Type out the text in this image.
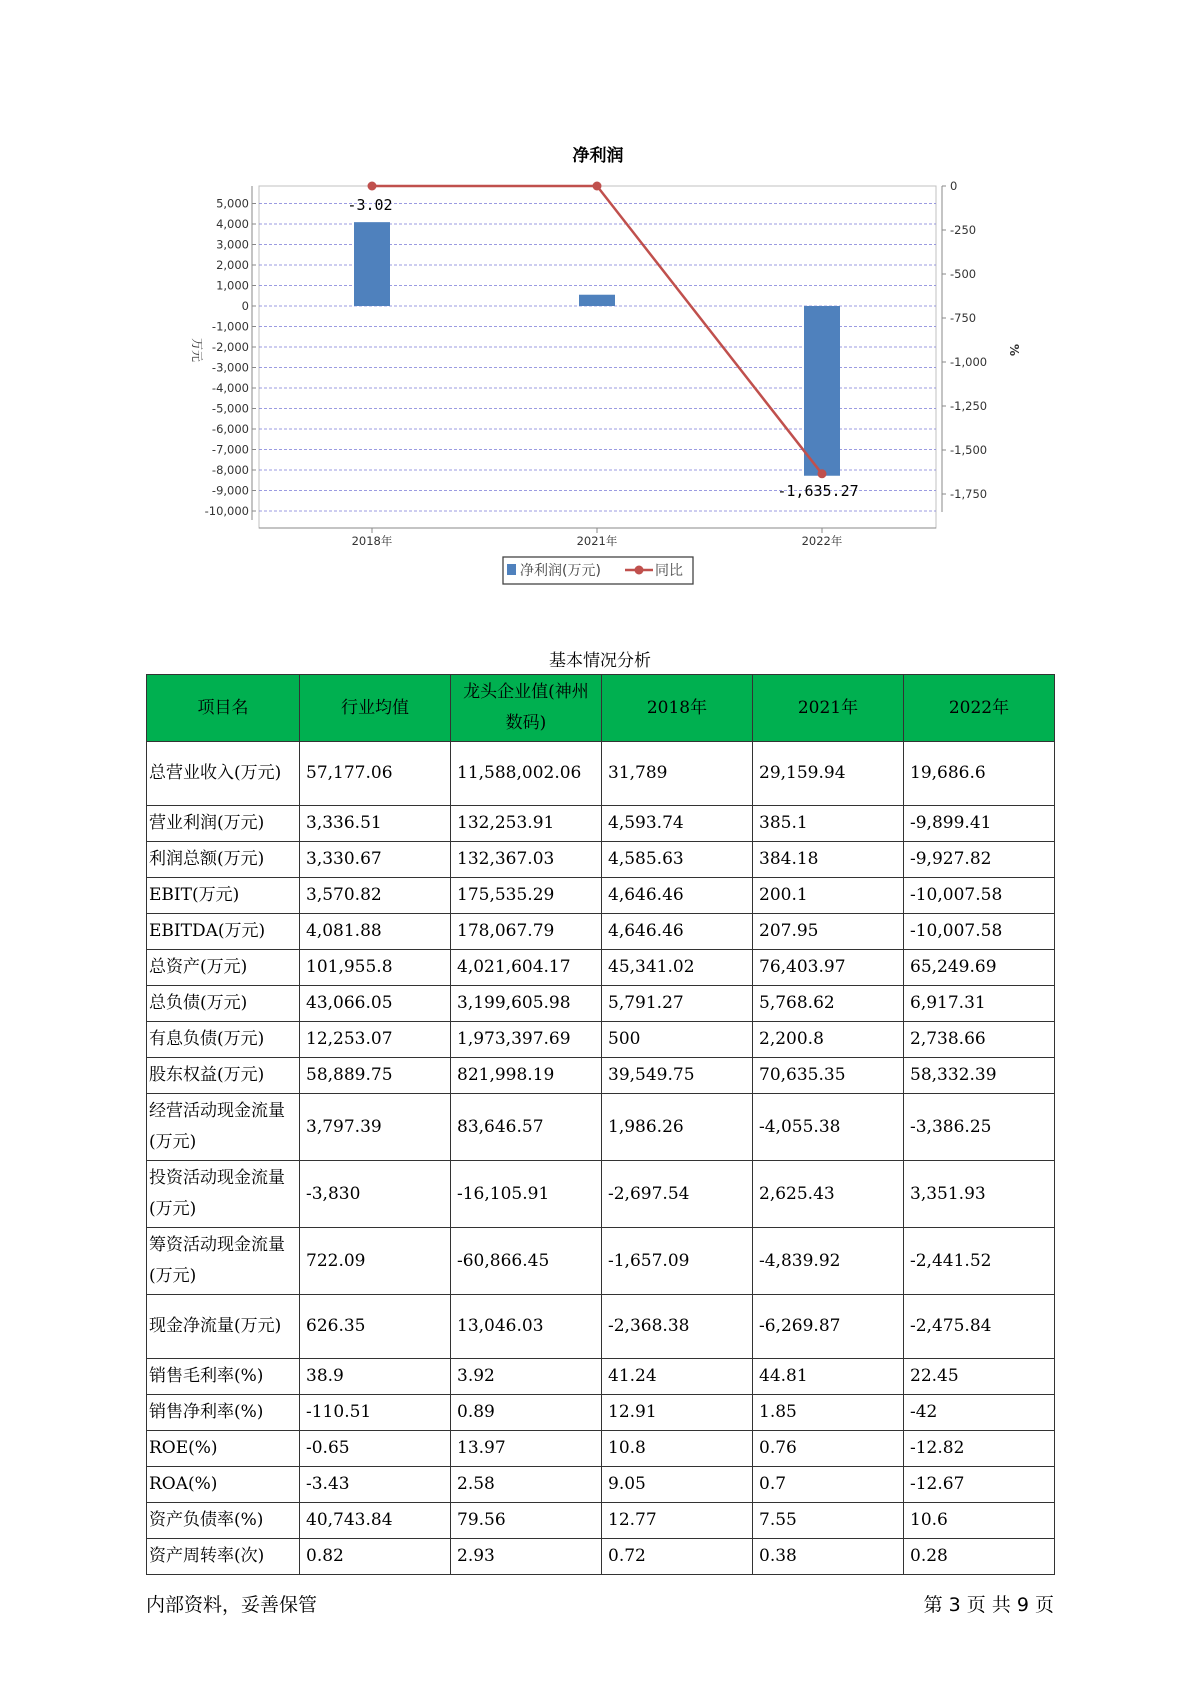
净利润
5,000
4,000
3,000
2,000
1,000
0
-1,000
-2,000
-3,000
-4,000
-5,000
-6,000
-7,000
-8,000
-9,000
-10,000
万元
0
-250
-500
-750
-1,000
-1,250
-1,500
-1,750
%
2018年	2021年	2022年
-3.02
-1,635.27
净利润(万元)	同比
基本情况分析
项目名	行业均值	龙头企业值(神州数码)	2018年	2021年	2022年
总营业收入(万元)	57,177.06	11,588,002.06	31,789	29,159.94	19,686.6
营业利润(万元)	3,336.51	132,253.91	4,593.74	385.1	-9,899.41
利润总额(万元)	3,330.67	132,367.03	4,585.63	384.18	-9,927.82
EBIT(万元)	3,570.82	175,535.29	4,646.46	200.1	-10,007.58
EBITDA(万元)	4,081.88	178,067.79	4,646.46	207.95	-10,007.58
总资产(万元)	101,955.8	4,021,604.17	45,341.02	76,403.97	65,249.69
总负债(万元)	43,066.05	3,199,605.98	5,791.27	5,768.62	6,917.31
有息负债(万元)	12,253.07	1,973,397.69	500	2,200.8	2,738.66
股东权益(万元)	58,889.75	821,998.19	39,549.75	70,635.35	58,332.39
经营活动现金流量(万元)	3,797.39	83,646.57	1,986.26	-4,055.38	-3,386.25
投资活动现金流量(万元)	-3,830	-16,105.91	-2,697.54	2,625.43	3,351.93
筹资活动现金流量(万元)	722.09	-60,866.45	-1,657.09	-4,839.92	-2,441.52
现金净流量(万元)	626.35	13,046.03	-2,368.38	-6,269.87	-2,475.84
销售毛利率(%)	38.9	3.92	41.24	44.81	22.45
销售净利率(%)	-110.51	0.89	12.91	1.85	-42
ROE(%)	-0.65	13.97	10.8	0.76	-12.82
ROA(%)	-3.43	2.58	9.05	0.7	-12.67
资产负债率(%)	40,743.84	79.56	12.77	7.55	10.6
资产周转率(次)	0.82	2.93	0.72	0.38	0.28
内部资料，妥善保管	第 3 页 共 9 页
